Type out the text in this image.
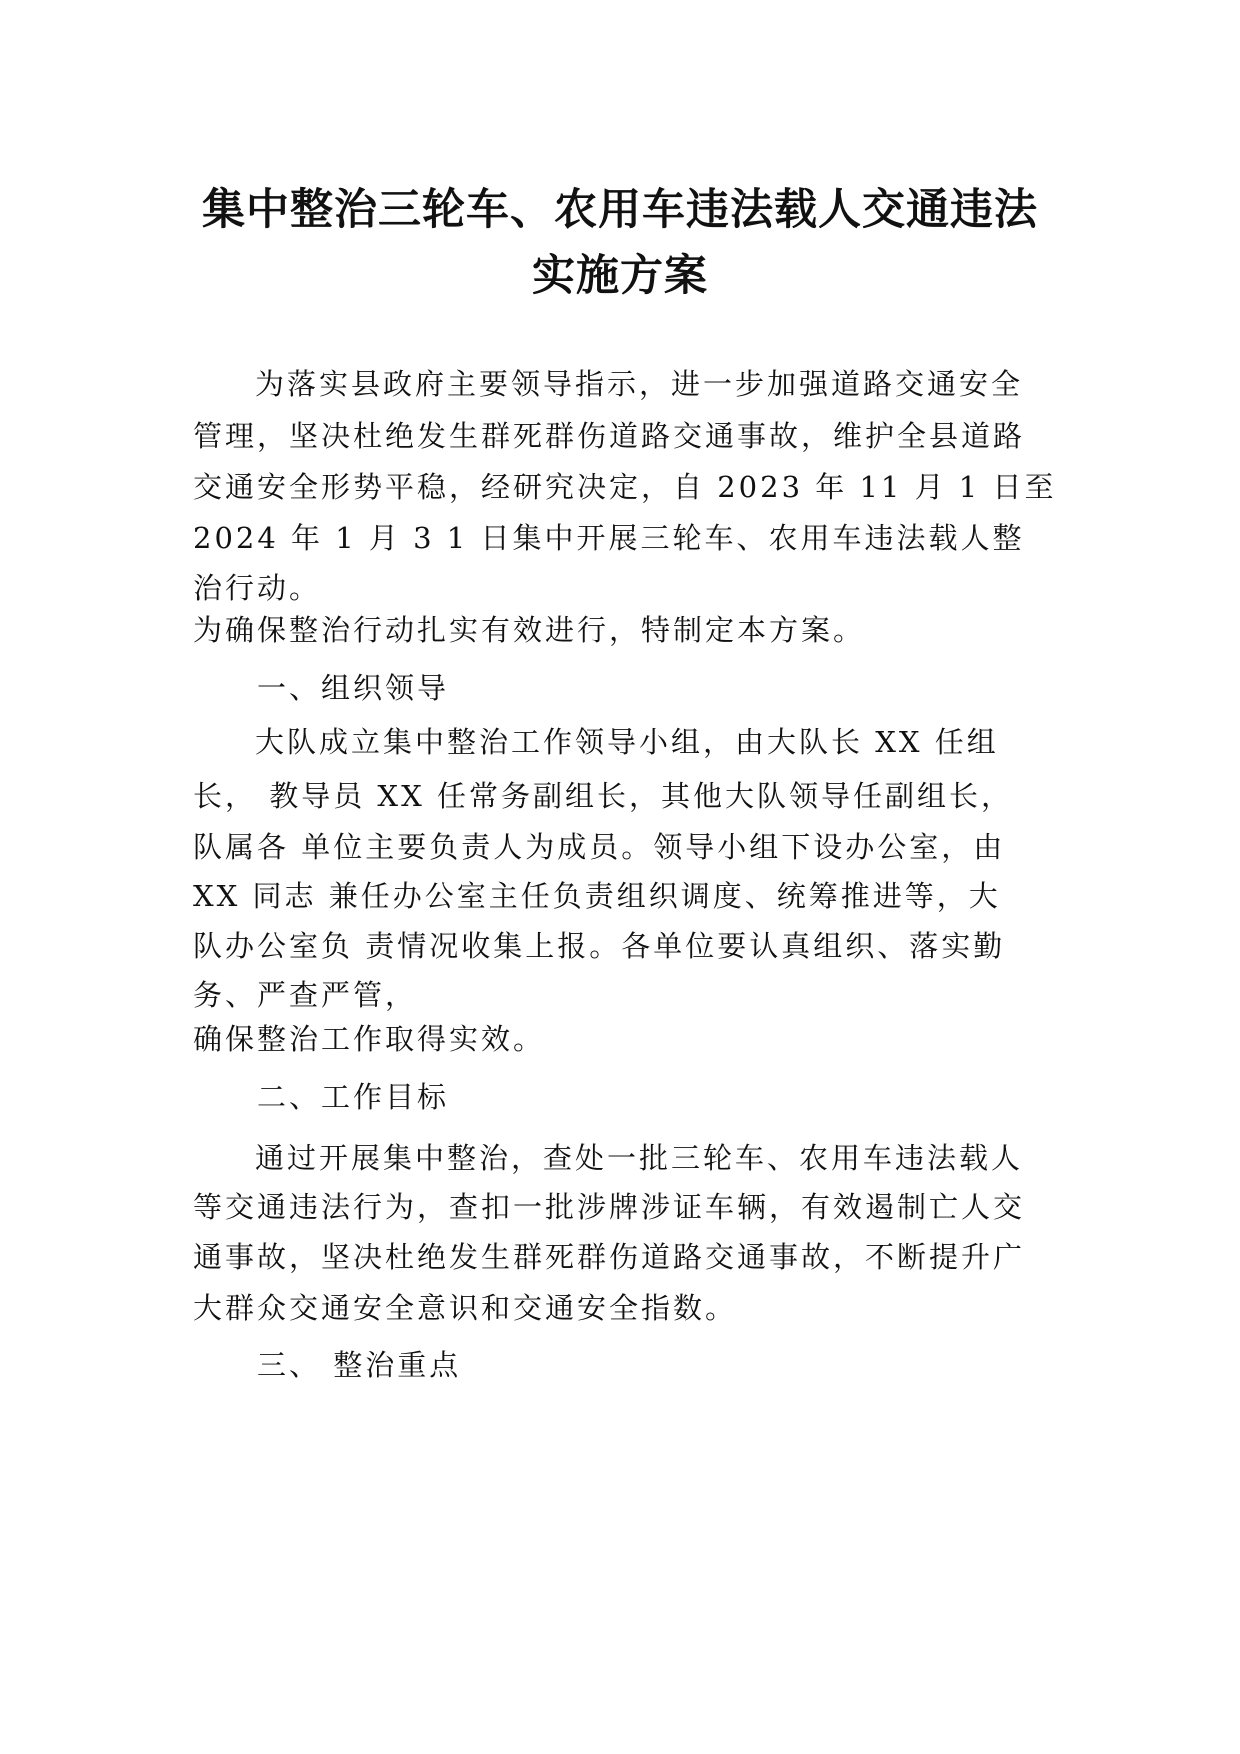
集中整治三轮车、农用车违法载人交通违法
实施方案

为落实县政府主要领导指示，进一步加强道路交通安全

管理，坚决杜绝发生群死群伤道路交通事故，维护全县道路

交通安全形势平稳，经研究决定，自 2023 年 11 月 1 日至

2024 年 1 月 3 1 日集中开展三轮车、农用车违法载人整

治行动。

为确保整治行动扎实有效进行，特制定本方案。

一、组织领导

大队成立集中整治工作领导小组，由大队长 XX 任组

长， 教导员 XX 任常务副组长，其他大队领导任副组长，

队属各 单位主要负责人为成员。领导小组下设办公室，由

XX 同志 兼任办公室主任负责组织调度、统筹推进等，大

队办公室负 责情况收集上报。各单位要认真组织、落实勤

务、严查严管，

确保整治工作取得实效。

二、工作目标

通过开展集中整治，查处一批三轮车、农用车违法载人

等交通违法行为，查扣一批涉牌涉证车辆，有效遏制亡人交

通事故，坚决杜绝发生群死群伤道路交通事故，不断提升广

大群众交通安全意识和交通安全指数。

三、 整治重点
